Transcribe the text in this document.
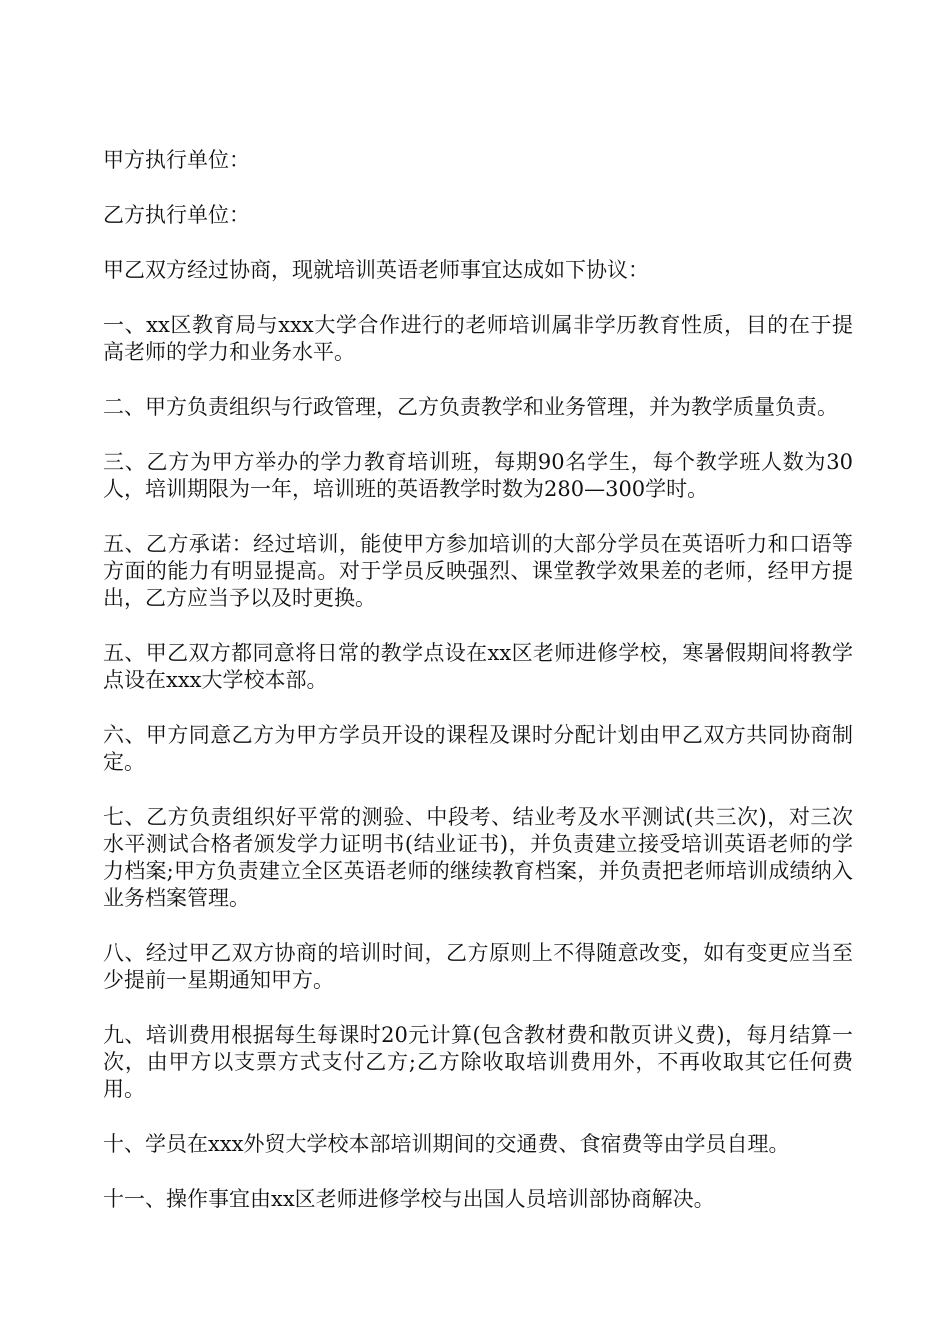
甲方执行单位：

乙方执行单位：

甲乙双方经过协商，现就培训英语老师事宜达成如下协议：

一、xx区教育局与xxx大学合作进行的老师培训属非学历教育性质，目的在于提高老师的学力和业务水平。

二、甲方负责组织与行政管理，乙方负责教学和业务管理，并为教学质量负责。

三、乙方为甲方举办的学力教育培训班，每期90名学生，每个教学班人数为30人，培训期限为一年，培训班的英语教学时数为280—300学时。

五、乙方承诺：经过培训，能使甲方参加培训的大部分学员在英语听力和口语等方面的能力有明显提高。对于学员反映强烈、课堂教学效果差的老师，经甲方提出，乙方应当予以及时更换。

五、甲乙双方都同意将日常的教学点设在xx区老师进修学校，寒暑假期间将教学点设在xxx大学校本部。

六、甲方同意乙方为甲方学员开设的课程及课时分配计划由甲乙双方共同协商制定。

七、乙方负责组织好平常的测验、中段考、结业考及水平测试(共三次)，对三次水平测试合格者颁发学力证明书(结业证书)，并负责建立接受培训英语老师的学力档案;甲方负责建立全区英语老师的继续教育档案，并负责把老师培训成绩纳入业务档案管理。

八、经过甲乙双方协商的培训时间，乙方原则上不得随意改变，如有变更应当至少提前一星期通知甲方。

九、培训费用根据每生每课时20元计算(包含教材费和散页讲义费)，每月结算一次，由甲方以支票方式支付乙方;乙方除收取培训费用外，不再收取其它任何费用。

十、学员在xxx外贸大学校本部培训期间的交通费、食宿费等由学员自理。

十一、操作事宜由xx区老师进修学校与出国人员培训部协商解决。
